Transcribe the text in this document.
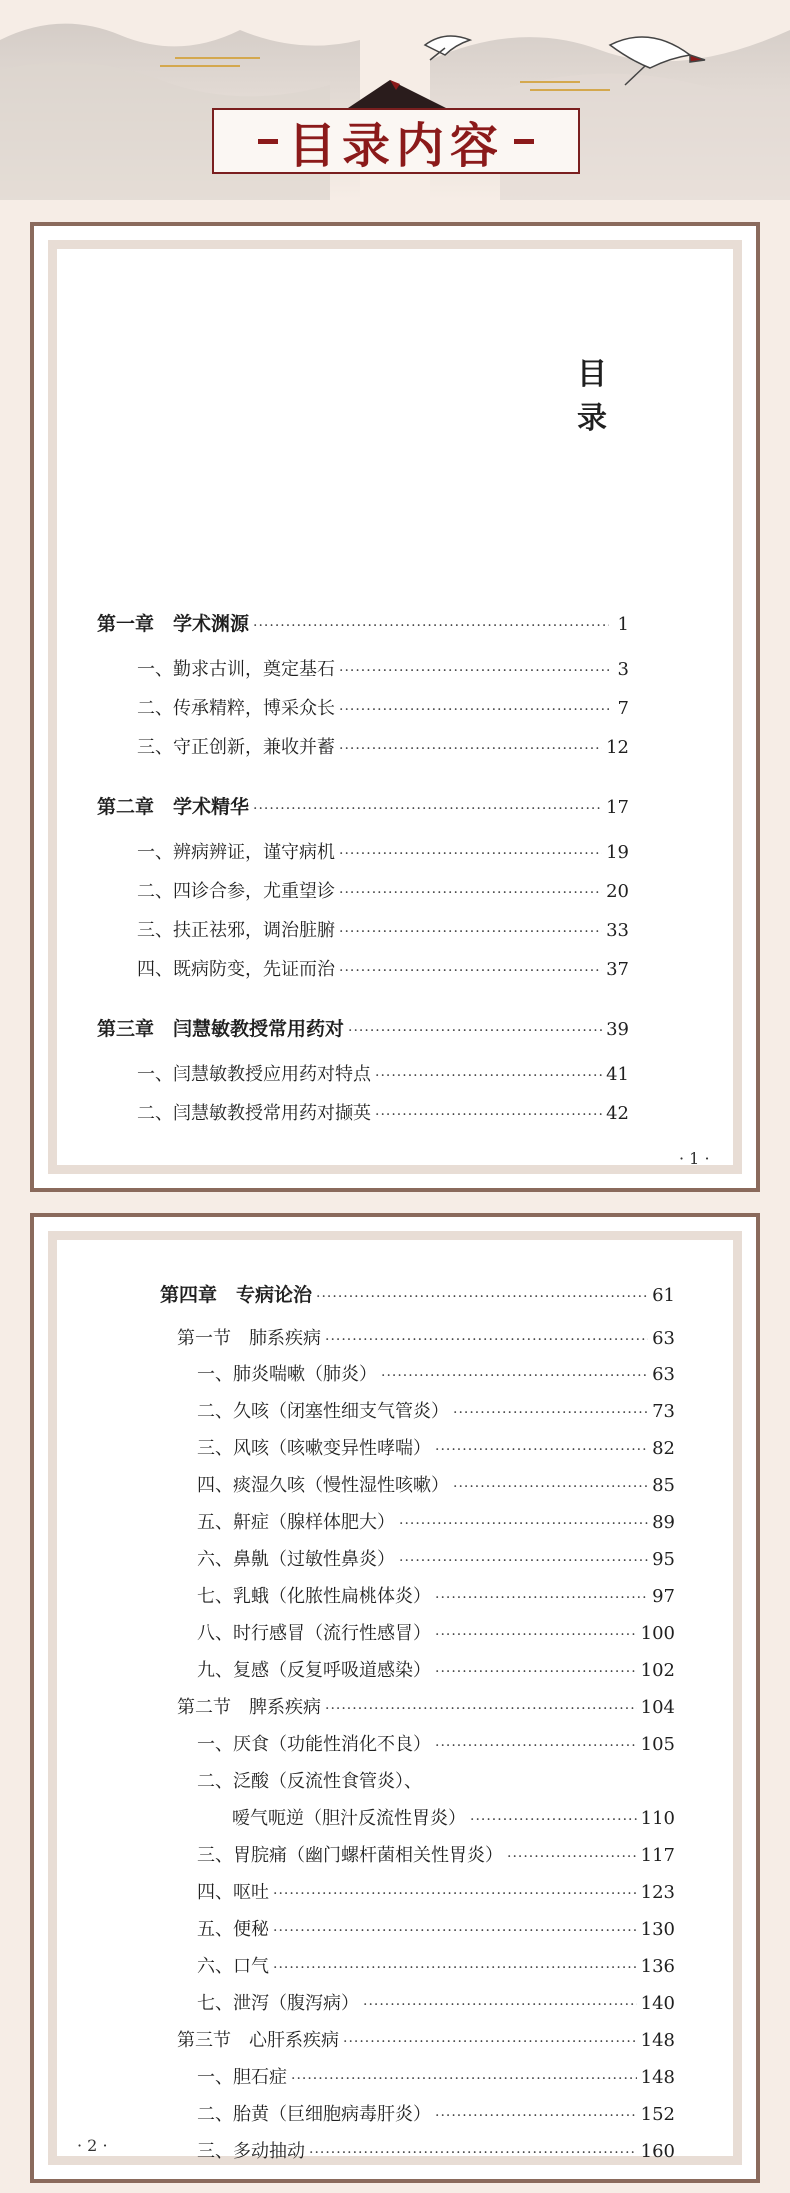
目录内容
目　录
第一章　学术渊源 ·····	1
一、勤求古训，奠定基石 ·····	3
二、传承精粹，博采众长 ·····	7
三、守正创新，兼收并蓄 ·····	12
第二章　学术精华 ·····	17
一、辨病辨证，谨守病机 ·····	19
二、四诊合参，尤重望诊 ·····	20
三、扶正祛邪，调治脏腑 ·····	33
四、既病防变，先证而治 ·····	37
第三章　闫慧敏教授常用药对 ·····	39
一、闫慧敏教授应用药对特点 ·····	41
二、闫慧敏教授常用药对撷英 ·····	42
· 1 ·
第四章　专病论治 ·····	61
第一节　肺系疾病 ·····	63
一、肺炎喘嗽（肺炎） ·····	63
二、久咳（闭塞性细支气管炎） ·····	73
三、风咳（咳嗽变异性哮喘） ·····	82
四、痰湿久咳（慢性湿性咳嗽） ·····	85
五、鼾症（腺样体肥大） ·····	89
六、鼻鼽（过敏性鼻炎） ·····	95
七、乳蛾（化脓性扁桃体炎） ·····	97
八、时行感冒（流行性感冒） ·····	100
九、复感（反复呼吸道感染） ·····	102
第二节　脾系疾病 ·····	104
一、厌食（功能性消化不良） ·····	105
二、泛酸（反流性食管炎）、
嗳气呃逆（胆汁反流性胃炎） ·····	110
三、胃脘痛（幽门螺杆菌相关性胃炎） ·····	117
四、呕吐 ·····	123
五、便秘 ·····	130
六、口气 ·····	136
七、泄泻（腹泻病） ·····	140
第三节　心肝系疾病 ·····	148
一、胆石症 ·····	148
二、胎黄（巨细胞病毒肝炎） ·····	152
三、多动抽动 ·····	160
· 2 ·
